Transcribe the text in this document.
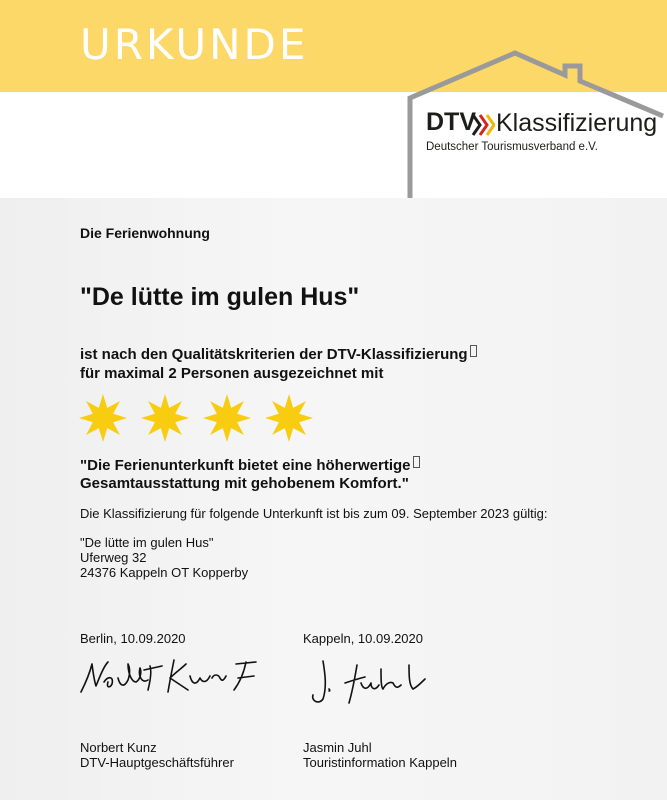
URKUNDE
DTV Klassifizierung
Deutscher Tourismusverband e.V.
Die Ferienwohnung
"De lütte im gulen Hus"
ist nach den Qualitätskriterien der DTV-Klassifizierung
für maximal 2 Personen ausgezeichnet mit
"Die Ferienunterkunft bietet eine höherwertige
Gesamtausstattung mit gehobenem Komfort."
Die Klassifizierung für folgende Unterkunft ist bis zum 09. September 2023 gültig:
"De lütte im gulen Hus"
Uferweg 32
24376 Kappeln OT Kopperby
Berlin, 10.09.2020	Kappeln, 10.09.2020
Norbert Kunz
DTV-Hauptgeschäftsführer
Jasmin Juhl
Touristinformation Kappeln
